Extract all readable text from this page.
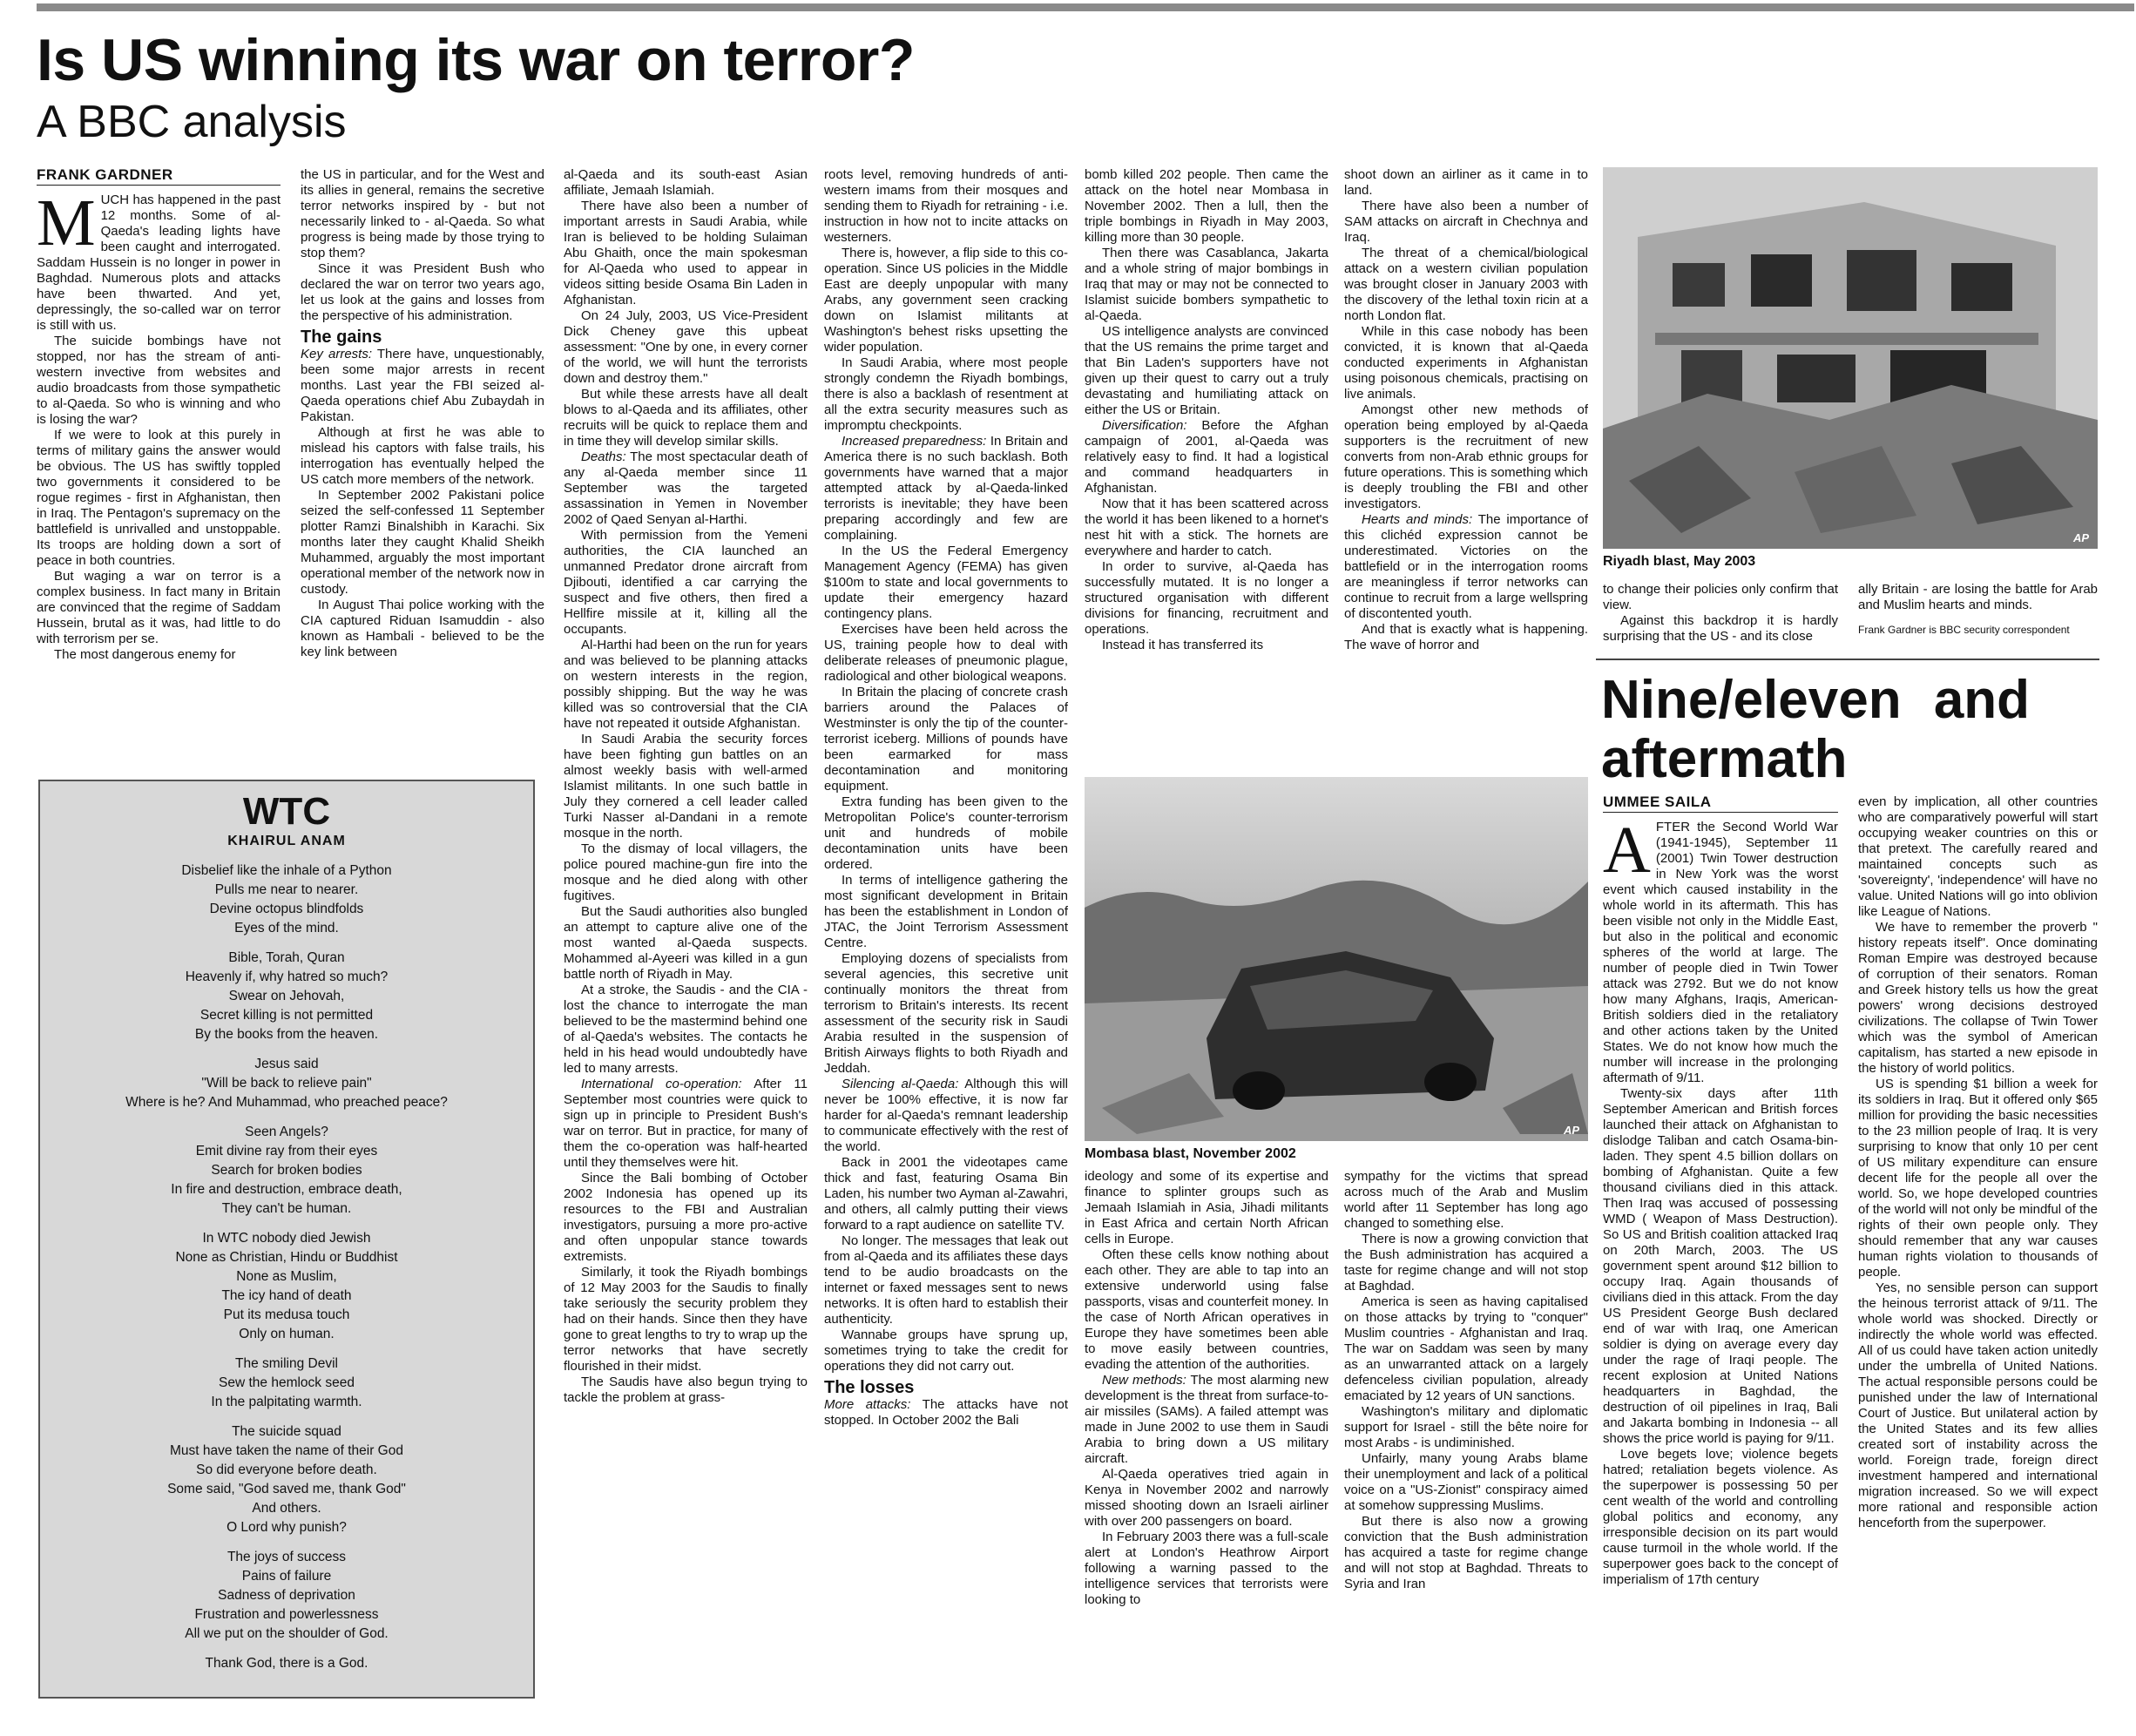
Is US winning its war on terror?
A BBC analysis
FRANK GARDNER
M UCH has happened in the past 12 months. Some of al-Qaeda's leading lights have been caught and interrogated. Saddam Hussein is no longer in power in Baghdad. Numerous plots and attacks have been thwarted. And yet, depressingly, the so-called war on terror is still with us.

The suicide bombings have not stopped, nor has the stream of anti-western invective from websites and audio broadcasts from those sympathetic to al-Qaeda. So who is winning and who is losing the war?

If we were to look at this purely in terms of military gains the answer would be obvious. The US has swiftly toppled two governments it considered to be rogue regimes - first in Afghanistan, then in Iraq. The Pentagon's supremacy on the battlefield is unrivalled and unstoppable. Its troops are holding down a sort of peace in both countries.

But waging a war on terror is a complex business. In fact many in Britain are convinced that the regime of Saddam Hussein, brutal as it was, had little to do with terrorism per se.

The most dangerous enemy for

the US in particular, and for the West and its allies in general, remains the secretive terror networks inspired by - but not necessarily linked to - al-Qaeda. So what progress is being made by those trying to stop them?

Since it was President Bush who declared the war on terror two years ago, let us look at the gains and losses from the perspective of his administration.

The gains

Key arrests: There have, unquestionably, been some major arrests in recent months. Last year the FBI seized al-Qaeda operations chief Abu Zubaydah in Pakistan.

Although at first he was able to mislead his captors with false trails, his interrogation has eventually helped the US catch more members of the network.

In September 2002 Pakistani police seized the self-confessed 11 September plotter Ramzi Binalshibh in Karachi. Six months later they caught Khalid Sheikh Muhammed, arguably the most important operational member of the network now in custody.

In August Thai police working with the CIA captured Riduan Isamuddin - also known as Hambali - believed to be the key link between

al-Qaeda and its south-east Asian affiliate, Jemaah Islamiah.

There have also been a number of important arrests in Saudi Arabia, while Iran is believed to be holding Sulaiman Abu Ghaith, once the main spokesman for Al-Qaeda who used to appear in videos sitting beside Osama Bin Laden in Afghanistan.

On 24 July, 2003, US Vice-President Dick Cheney gave this upbeat assessment: "One by one, in every corner of the world, we will hunt the terrorists down and destroy them."

But while these arrests have all dealt blows to al-Qaeda and its affiliates, other recruits will be quick to replace them and in time they will develop similar skills.

Deaths: The most spectacular death of any al-Qaeda member since 11 September was the targeted assassination in Yemen in November 2002 of Qaed Senyan al-Harthi.

With permission from the Yemeni authorities, the CIA launched an unmanned Predator drone aircraft from Djibouti, identified a car carrying the suspect and five others, then fired a Hellfire missile at it, killing all the occupants.

Al-Harthi had been on the run for years and was believed to be planning attacks on western interests in the region, possibly shipping. But the way he was killed was so controversial that the CIA have not repeated it outside Afghanistan.

In Saudi Arabia the security forces have been fighting gun battles on an almost weekly basis with well-armed Islamist militants. In one such battle in July they cornered a cell leader called Turki Nasser al-Dandani in a remote mosque in the north.

To the dismay of local villagers, the police poured machine-gun fire into the mosque and he died along with other fugitives.

But the Saudi authorities also bungled an attempt to capture alive one of the most wanted al-Qaeda suspects. Mohammed al-Ayeeri was killed in a gun battle north of Riyadh in May.

At a stroke, the Saudis - and the CIA - lost the chance to interrogate the man believed to be the mastermind behind one of al-Qaeda's websites. The contacts he held in his head would undoubtedly have led to many arrests.

International co-operation: After 11 September most countries were quick to sign up in principle to President Bush's war on terror. But in practice, for many of them the co-operation was half-hearted until they themselves were hit.

Since the Bali bombing of October 2002 Indonesia has opened up its resources to the FBI and Australian investigators, pursuing a more pro-active and often unpopular stance towards extremists.

Similarly, it took the Riyadh bombings of 12 May 2003 for the Saudis to finally take seriously the security problem they had on their hands. Since then they have gone to great lengths to try to wrap up the terror networks that have secretly flourished in their midst.

The Saudis have also begun trying to tackle the problem at grass-

roots level, removing hundreds of anti-western imams from their mosques and sending them to Riyadh for retraining - i.e. instruction in how not to incite attacks on westerners.

There is, however, a flip side to this co-operation. Since US policies in the Middle East are deeply unpopular with many Arabs, any government seen cracking down on Islamist militants at Washington's behest risks upsetting the wider population.

In Saudi Arabia, where most people strongly condemn the Riyadh bombings, there is also a backlash of resentment at all the extra security measures such as impromptu checkpoints.

Increased preparedness: In Britain and America there is no such backlash. Both governments have warned that a major attempted attack by al-Qaeda-linked terrorists is inevitable; they have been preparing accordingly and few are complaining.

In the US the Federal Emergency Management Agency (FEMA) has given $100m to state and local governments to update their emergency hazard contingency plans.

Exercises have been held across the US, training people how to deal with deliberate releases of pneumonic plague, radiological and other biological weapons.

In Britain the placing of concrete crash barriers around the Palaces of Westminster is only the tip of the counter-terrorist iceberg. Millions of pounds have been earmarked for mass decontamination and monitoring equipment.

Extra funding has been given to the Metropolitan Police's counter-terrorism unit and hundreds of mobile decontamination units have been ordered.

In terms of intelligence gathering the most significant development in Britain has been the establishment in London of JTAC, the Joint Terrorism Assessment Centre.

Employing dozens of specialists from several agencies, this secretive unit continually monitors the threat from terrorism to Britain's interests. Its recent assessment of the security risk in Saudi Arabia resulted in the suspension of British Airways flights to both Riyadh and Jeddah.

Silencing al-Qaeda: Although this will never be 100% effective, it is now far harder for al-Qaeda's remnant leadership to communicate effectively with the rest of the world.

Back in 2001 the videotapes came thick and fast, featuring Osama Bin Laden, his number two Ayman al-Zawahri, and others, all calmly putting their views forward to a rapt audience on satellite TV.

No longer. The messages that leak out from al-Qaeda and its affiliates these days tend to be audio broadcasts on the internet or faxed messages sent to news networks. It is often hard to establish their authenticity.

Wannabe groups have sprung up, sometimes trying to take the credit for operations they did not carry out.

The losses

More attacks: The attacks have not stopped. In October 2002 the Bali

bomb killed 202 people. Then came the attack on the hotel near Mombasa in November 2002. Then a lull, then the triple bombings in Riyadh in May 2003, killing more than 30 people.

Then there was Casablanca, Jakarta and a whole string of major bombings in Iraq that may or may not be connected to Islamist suicide bombers sympathetic to al-Qaeda.

US intelligence analysts are convinced that the US remains the prime target and that Bin Laden's supporters have not given up their quest to carry out a truly devastating and humiliating attack on either the US or Britain.

Diversification: Before the Afghan campaign of 2001, al-Qaeda was relatively easy to find. It had a logistical and command headquarters in Afghanistan.

Now that it has been scattered across the world it has been likened to a hornet's nest hit with a stick. The hornets are everywhere and harder to catch.

In order to survive, al-Qaeda has successfully mutated. It is no longer a structured organisation with different divisions for financing, recruitment and operations.

Instead it has transferred its

shoot down an airliner as it came in to land.

There have also been a number of SAM attacks on aircraft in Chechnya and Iraq.

The threat of a chemical/biological attack on a western civilian population was brought closer in January 2003 with the discovery of the lethal toxin ricin at a north London flat.

While in this case nobody has been convicted, it is known that al-Qaeda conducted experiments in Afghanistan using poisonous chemicals, practising on live animals.

Amongst other new methods of operation being employed by al-Qaeda supporters is the recruitment of new converts from non-Arab ethnic groups for future operations. This is something which is deeply troubling the FBI and other investigators.

Hearts and minds: The importance of this clichéd expression cannot be underestimated. Victories on the battlefield or in the interrogation rooms are meaningless if terror networks can continue to recruit from a large wellspring of discontented youth.

And that is exactly what is happening. The wave of horror and

AP
Mombasa blast, November 2002

ideology and some of its expertise and finance to splinter groups such as Jemaah Islamiah in Asia, Jihadi militants in East Africa and certain North African cells in Europe.

Often these cells know nothing about each other. They are able to tap into an extensive underworld using false passports, visas and counterfeit money. In the case of North African operatives in Europe they have sometimes been able to move easily between countries, evading the attention of the authorities.

New methods: The most alarming new development is the threat from surface-to-air missiles (SAMs). A failed attempt was made in June 2002 to use them in Saudi Arabia to bring down a US military aircraft.

Al-Qaeda operatives tried again in Kenya in November 2002 and narrowly missed shooting down an Israeli airliner with over 200 passengers on board.

In February 2003 there was a full-scale alert at London's Heathrow Airport following a warning passed to the intelligence services that terrorists were looking to

sympathy for the victims that spread across much of the Arab and Muslim world after 11 September has long ago changed to something else.

There is now a growing conviction that the Bush administration has acquired a taste for regime change and will not stop at Baghdad.

America is seen as having capitalised on those attacks by trying to "conquer" Muslim countries - Afghanistan and Iraq. The war on Saddam was seen by many as an unwarranted attack on a largely defenceless civilian population, already emaciated by 12 years of UN sanctions.

Washington's military and diplomatic support for Israel - still the bête noire for most Arabs - is undiminished.

Unfairly, many young Arabs blame their unemployment and lack of a political voice on a "US-Zionist" conspiracy aimed at somehow suppressing Muslims.

But there is also now a growing conviction that the Bush administration has acquired a taste for regime change and will not stop at Baghdad. Threats to Syria and Iran

AP
Riyadh blast, May 2003

to change their policies only confirm that view.

Against this backdrop it is hardly surprising that the US - and its close

ally Britain - are losing the battle for Arab and Muslim hearts and minds.

Frank Gardner is BBC security correspondent
Nine/eleven and aftermath
UMMEE SAILA
A FTER the Second World War (1941-1945), September 11 (2001) Twin Tower destruction in New York was the worst event which caused instability in the whole world in its aftermath. This has been visible not only in the Middle East, but also in the political and economic spheres of the world at large. The number of people died in Twin Tower attack was 2792. But we do not know how many Afghans, Iraqis, American-British soldiers died in the retaliatory and other actions taken by the United States. We do not know how much the number will increase in the prolonging aftermath of 9/11.

Twenty-six days after 11th September American and British forces launched their attack on Afghanistan to dislodge Taliban and catch Osama-bin-laden. They spent 4.5 billion dollars on bombing of Afghanistan. Quite a few thousand civilians died in this attack. Then Iraq was accused of possessing WMD ( Weapon of Mass Destruction). So US and British coalition attacked Iraq on 20th March, 2003. The US government spent around $12 billion to occupy Iraq. Again thousands of civilians died in this attack. From the day US President George Bush declared end of war with Iraq, one American soldier is dying on average every day under the rage of Iraqi people. The recent explosion at United Nations headquarters in Baghdad, the destruction of oil pipelines in Iraq, Bali and Jakarta bombing in Indonesia -- all shows the price world is paying for 9/11.

Love begets love; violence begets hatred; retaliation begets violence. As the superpower is possessing 50 per cent wealth of the world and controlling global politics and economy, any irresponsible decision on its part would cause turmoil in the whole world. If the superpower goes back to the concept of imperialism of 17th century

even by implication, all other countries who are comparatively powerful will start occupying weaker countries on this or that pretext. The carefully reared and maintained concepts such as 'sovereignty', 'independence' will have no value. United Nations will go into oblivion like League of Nations.

We have to remember the proverb " history repeats itself". Once dominating Roman Empire was destroyed because of corruption of their senators. Roman and Greek history tells us how the great powers' wrong decisions destroyed civilizations. The collapse of Twin Tower which was the symbol of American capitalism, has started a new episode in the history of world politics.

US is spending $1 billion a week for its soldiers in Iraq. But it offered only $65 million for providing the basic necessities to the 23 million people of Iraq. It is very surprising to know that only 10 per cent of US military expenditure can ensure decent life for the people all over the world. So, we hope developed countries of the world will not only be mindful of the rights of their own people only. They should remember that any war causes human rights violation to thousands of people.

Yes, no sensible person can support the heinous terrorist attack of 9/11. The whole world was shocked. Directly or indirectly the whole world was effected. All of us could have taken action unitedly under the umbrella of United Nations. The actual responsible persons could be punished under the law of International Court of Justice. But unilateral action by the United States and its few allies created sort of instability across the world. Foreign trade, foreign direct investment hampered and international migration increased. So we will expect more rational and responsible action henceforth from the superpower.

WTC
KHAIRUL ANAM
Disbelief like the inhale of a Python
Pulls me near to nearer.
Devine octopus blindfolds
Eyes of the mind.
Bible, Torah, Quran
Heavenly if, why hatred so much?
Swear on Jehovah,
Secret killing is not permitted
By the books from the heaven.
Jesus said
"Will be back to relieve pain"
Where is he? And Muhammad, who preached peace?
Seen Angels?
Emit divine ray from their eyes
Search for broken bodies
In fire and destruction, embrace death,
They can't be human.
In WTC nobody died Jewish
None as Christian, Hindu or Buddhist
None as Muslim,
The icy hand of death
Put its medusa touch
Only on human.
The smiling Devil
Sew the hemlock seed
In the palpitating warmth.
The suicide squad
Must have taken the name of their God
So did everyone before death.
Some said, "God saved me, thank God"
And others.
O Lord why punish?
The joys of success
Pains of failure
Sadness of deprivation
Frustration and powerlessness
All we put on the shoulder of God.
Thank God, there is a God.
